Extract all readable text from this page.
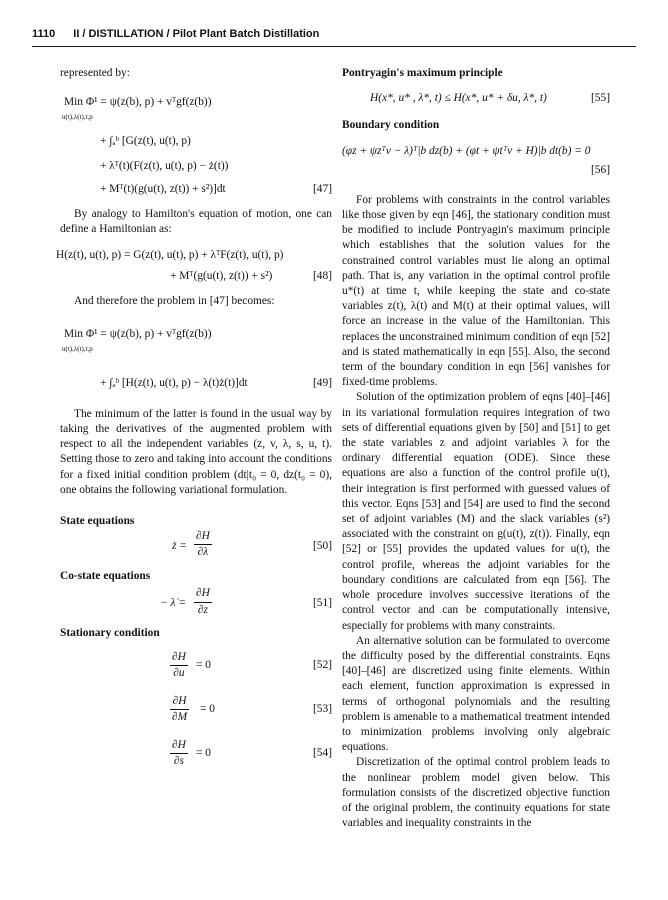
1110 II / DISTILLATION / Pilot Plant Batch Distillation
represented by:
Min Φ¹ = ψ(z(b), p) + vᵀgf(z(b))
u(t),λ(t),t,p
+ ∫ₐᵇ [G(z(t), u(t), p)
+ λᵀ(t)(F(z(t), u(t), p) − ż(t))
+ Mᵀ(t)(g(u(t), z(t)) + s²)]dt	[47]

By analogy to Hamilton's equation of motion, one can define a Hamiltonian as:

H(z(t), u(t), p) = G(z(t), u(t), p) + λᵀF(z(t), u(t), p)
+ Mᵀ(g(u(t), z(t)) + s²)	[48]

And therefore the problem in [47] becomes:

Min Φ¹ = ψ(z(b), p) + vᵀgf(z(b))
u(t),λ(t),t,p
+ ∫ₐᵇ [H(z(t), u(t), p) − λ(t)ż(t)]dt	[49]

The minimum of the latter is found in the usual way by taking the derivatives of the augmented problem with respect to all the independent variables (z, v, λ, s, u, t). Setting those to zero and taking into account the conditions for a fixed initial condition problem (dt|t₀ = 0, dz(t₀ = 0), one obtains the following variational formulation.

State equations
ż = $\frac{\partial H}{\partial\lambda}$	[50]
Co-state equations
− λ̇ = $\frac{\partial H}{\partial z}$	[51]
Stationary condition
$\frac{\partial H}{\partial u} = 0$	[52]
$\frac{\partial H}{\partial M} = 0$	[53]
$\frac{\partial H}{\partial s} = 0$	[54]
Pontryagin's maximum principle
H(x*, u* , λ*, t) ≤ H(x*, u* + δu, λ*, t)	[55]
Boundary condition
(φz + ψzᵀv − λ)ᵀ|b dz(b) + (φt + ψtᵀv + H)|b dt(b) = 0
[56]

For problems with constraints in the control variables like those given by eqn [46], the stationary condition must be modified to include Pontryagin's maximum principle which establishes that the solution values for the constrained control variables must lie along an optimal path. That is, any variation in the optimal control profile u*(t) at time t, while keeping the state and co-state variables z(t), λ(t) and M(t) at their optimal values, will force an increase in the value of the Hamiltonian. This replaces the unconstrained minimum condition of eqn [52] and is stated mathematically in eqn [55]. Also, the second term of the boundary condition in eqn [56] vanishes for fixed-time problems.

Solution of the optimization problem of eqns [40]–[46] in its variational formulation requires integration of two sets of differential equations given by [50] and [51] to get the state variables z and adjoint variables λ for the ordinary differential equation (ODE). Since these equations are also a function of the control profile u(t), their integration is first performed with guessed values of this vector. Eqns [53] and [54] are used to find the second set of adjoint variables (M) and the slack variables (s²) associated with the constraint on g(u(t), z(t)). Finally, eqn [52] or [55] provides the updated values for u(t), the control profile, whereas the adjoint variables for the boundary conditions are calculated from eqn [56]. The whole procedure involves successive iterations of the control vector and can be computationally intensive, especially for problems with many constraints.

An alternative solution can be formulated to overcome the difficulty posed by the differential constraints. Eqns [40]–[46] are discretized using finite elements. Within each element, function approximation is expressed in terms of orthogonal polynomials and the resulting problem is amenable to a mathematical treatment intended to minimization problems involving only algebraic equations.

Discretization of the optimal control problem leads to the nonlinear problem model given below. This formulation consists of the discretized objective function of the original problem, the continuity equations for state variables and inequality constraints in the
